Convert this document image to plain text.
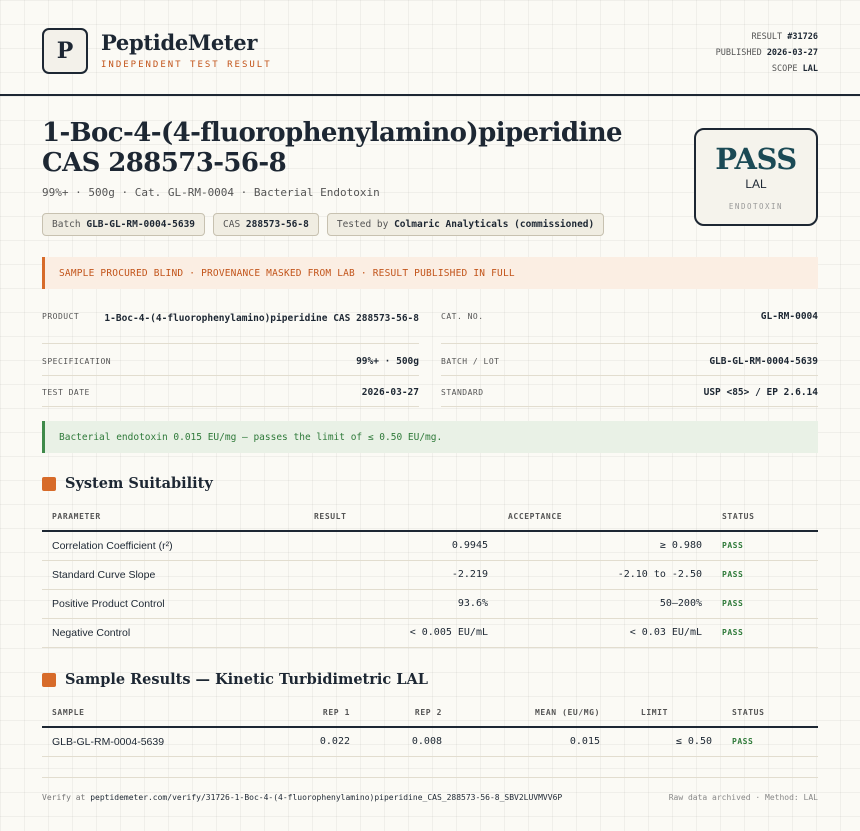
P	PeptideMeter
INDEPENDENT TEST RESULT
RESULT #31726
PUBLISHED 2026-03-27
SCOPE LAL
1-Boc-4-(4-fluorophenylamino)piperidine CAS 288573-56-8
99%+ · 500g · Cat. GL-RM-0004 · Bacterial Endotoxin
Batch GLB-GL-RM-0004-5639	CAS 288573-56-8	Tested by Colmaric Analyticals (commissioned)
PASS
LAL
ENDOTOXIN
SAMPLE PROCURED BLIND · PROVENANCE MASKED FROM LAB · RESULT PUBLISHED IN FULL
PRODUCT	1-Boc-4-(4-fluorophenylamino)piperidine CAS 288573-56-8	CAT. NO.	GL-RM-0004
SPECIFICATION	99%+ · 500g	BATCH / LOT	GLB-GL-RM-0004-5639
TEST DATE	2026-03-27	STANDARD	USP <85> / EP 2.6.14
Bacterial endotoxin 0.015 EU/mg — passes the limit of ≤ 0.50 EU/mg.
System Suitability
PARAMETER	RESULT	ACCEPTANCE	STATUS
Correlation Coefficient (r²)	0.9945	≥ 0.980	PASS
Standard Curve Slope	-2.219	-2.10 to -2.50	PASS
Positive Product Control	93.6%	50–200%	PASS
Negative Control	< 0.005 EU/mL	< 0.03 EU/mL	PASS
Sample Results — Kinetic Turbidimetric LAL
SAMPLE	REP 1	REP 2	MEAN (EU/MG)	LIMIT	STATUS
GLB-GL-RM-0004-5639	0.022	0.008	0.015	≤ 0.50	PASS
Verify at peptidemeter.com/verify/31726-1-Boc-4-(4-fluorophenylamino)piperidine_CAS_288573-56-8_SBV2LUVMVV6P	Raw data archived · Method: LAL
